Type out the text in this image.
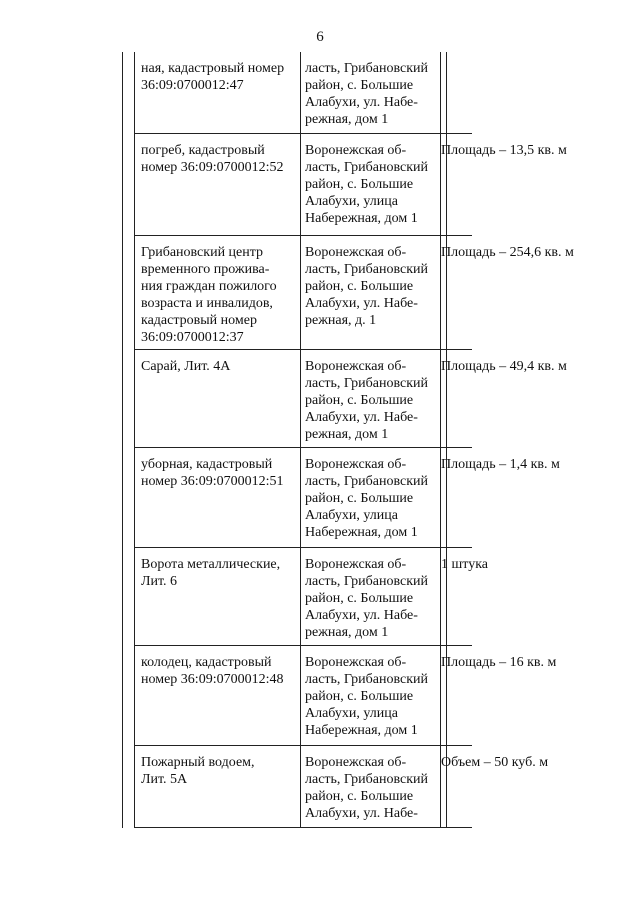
6
ная, кадастровый номер
36:09:0700012:47
ласть, Грибановский
район, с. Большие
Алабухи, ул. Набе-
режная, дом 1
погреб, кадастровый
номер 36:09:0700012:52
Воронежская об-
ласть, Грибановский
район, с. Большие
Алабухи, улица
Набережная, дом 1
Площадь – 13,5 кв. м
Грибановский центр
временного прожива-
ния граждан пожилого
возраста и инвалидов,
кадастровый номер
36:09:0700012:37
Воронежская об-
ласть, Грибановский
район, с. Большие
Алабухи, ул. Набе-
режная, д. 1
Площадь – 254,6 кв. м
Сарай, Лит. 4А	Воронежская об-
ласть, Грибановский
район, с. Большие
Алабухи, ул. Набе-
режная, дом 1
Площадь – 49,4 кв. м
уборная, кадастровый
номер 36:09:0700012:51
Воронежская об-
ласть, Грибановский
район, с. Большие
Алабухи, улица
Набережная, дом 1
Площадь – 1,4 кв. м
Ворота металлические,
Лит. 6
Воронежская об-
ласть, Грибановский
район, с. Большие
Алабухи, ул. Набе-
режная, дом 1
1 штука
колодец, кадастровый
номер 36:09:0700012:48
Воронежская об-
ласть, Грибановский
район, с. Большие
Алабухи, улица
Набережная, дом 1
Площадь – 16 кв. м
Пожарный водоем,
Лит. 5А
Воронежская об-
ласть, Грибановский
район, с. Большие
Алабухи, ул. Набе-
Объем – 50 куб. м
